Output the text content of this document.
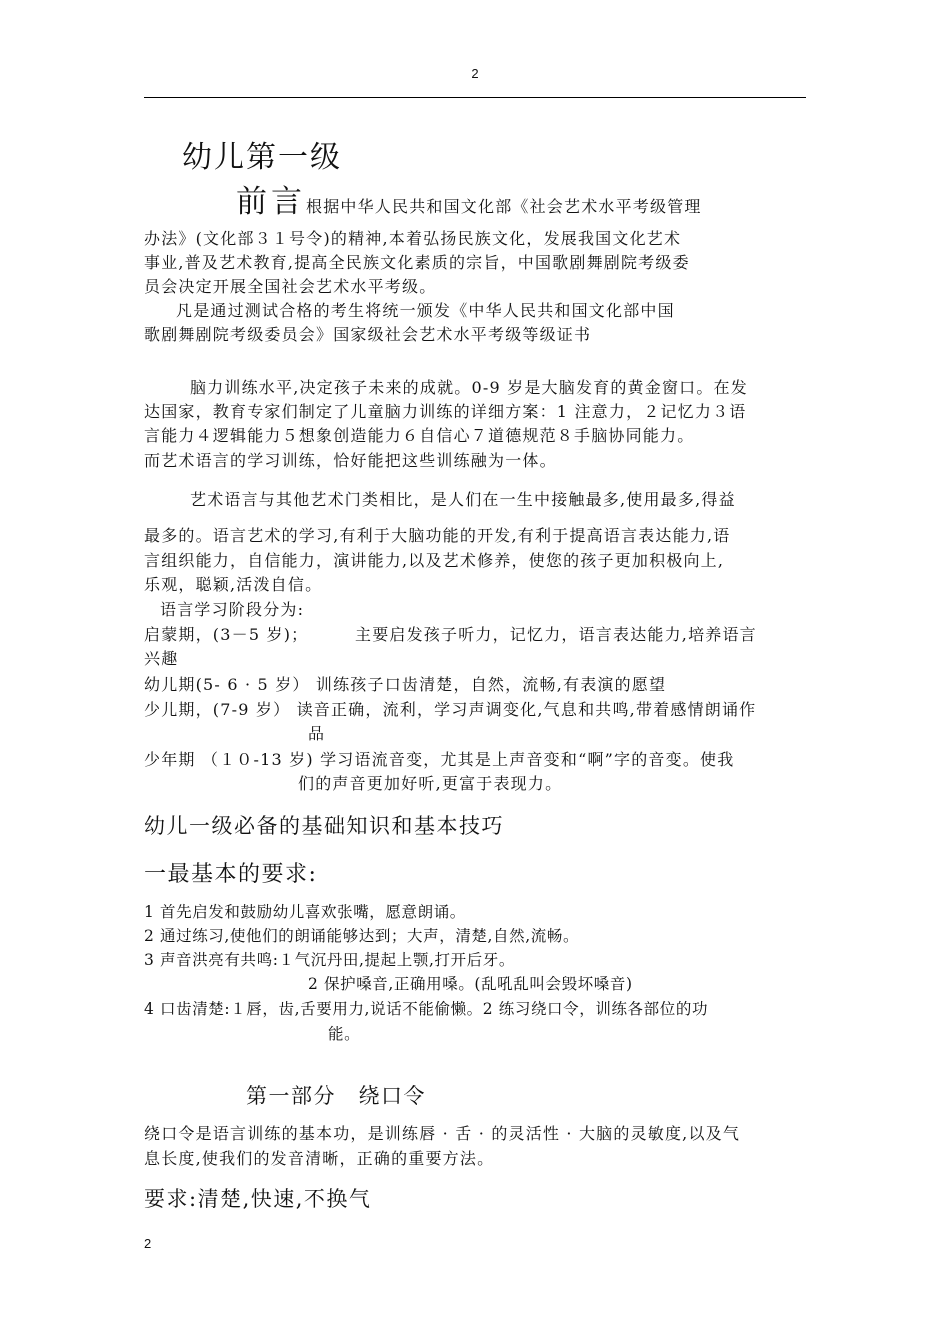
2
幼儿第一级
前言根据中华人民共和国文化部《社会艺术水平考级管理
办法》(文化部３１号令)的精神,本着弘扬民族文化，发展我国文化艺术
事业,普及艺术教育,提高全民族文化素质的宗旨，中国歌剧舞剧院考级委
员会决定开展全国社会艺术水平考级。
凡是通过测试合格的考生将统一颁发《中华人民共和国文化部中国
歌剧舞剧院考级委员会》国家级社会艺术水平考级等级证书
脑力训练水平,决定孩子未来的成就。0-9 岁是大脑发育的黄金窗口。在发
达国家，教育专家们制定了儿童脑力训练的详细方案：1 注意力，２记忆力３语
言能力４逻辑能力５想象创造能力６自信心７道德规范８手脑协同能力。
而艺术语言的学习训练，恰好能把这些训练融为一体。
艺术语言与其他艺术门类相比，是人们在一生中接触最多,使用最多,得益
最多的。语言艺术的学习,有利于大脑功能的开发,有利于提高语言表达能力,语
言组织能力，自信能力，演讲能力,以及艺术修养，使您的孩子更加积极向上,
乐观，聪颖,活泼自信。
语言学习阶段分为:
启蒙期，(3－5 岁)；	主要启发孩子听力，记忆力，语言表达能力,培养语言
兴趣
幼儿期(5- 6 · 5 岁） 训练孩子口齿清楚，自然，流畅,有表演的愿望
少儿期，(7-9 岁） 读音正确，流利，学习声调变化,气息和共鸣,带着感情朗诵作
品
少年期 （１０-13 岁) 学习语流音变，尤其是上声音变和“啊”字的音变。使我
们的声音更加好听,更富于表现力。
幼儿一级必备的基础知识和基本技巧
一最基本的要求:
1 首先启发和鼓励幼儿喜欢张嘴，愿意朗诵。
2 通过练习,使他们的朗诵能够达到；大声，清楚,自然,流畅。
3 声音洪亮有共鸣:１气沉丹田,提起上颚,打开后牙。
2 保护嗓音,正确用嗓。(乱吼乱叫会毁坏嗓音)
4 口齿清楚:１唇，齿,舌要用力,说话不能偷懒。2 练习绕口令，训练各部位的功
能。
第一部分　绕口令
绕口令是语言训练的基本功，是训练唇 · 舌 · 的灵活性 · 大脑的灵敏度,以及气
息长度,使我们的发音清晰，正确的重要方法。
要求:清楚,快速,不换气
2
